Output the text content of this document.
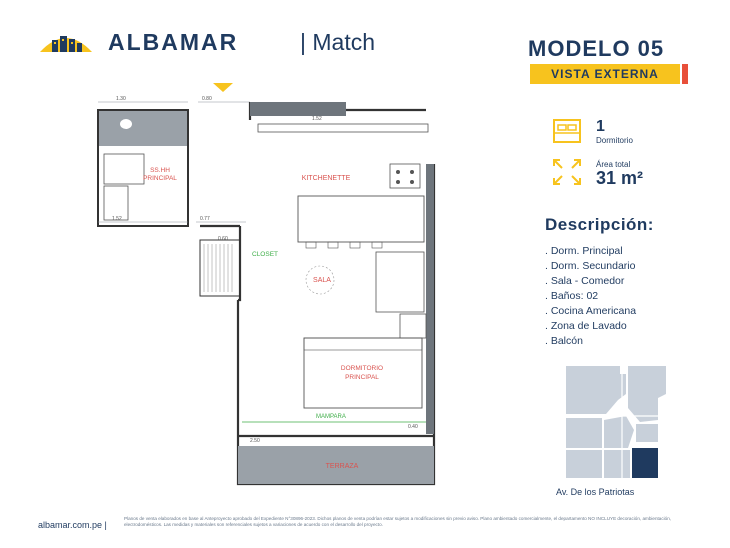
ALBAMAR	| Match	MODELO 05
VISTA EXTERNA
1
Dormitorio
Área total
31 m²
Descripción:
. Dorm. Principal
. Dorm. Secundario
. Sala - Comedor
. Baños: 02
. Cocina Americana
. Zona de Lavado
. Balcón
Av. De los Patriotas
SS.HH
PRINCIPAL
1.30	0.80
1.52	0.77
1.52
0.60
2.50
0.40
TERRAZA
KITCHENETTE
CLOSET
SALA
DORMITORIO
PRINCIPAL
MAMPARA
albamar.com.pe |
Planos de venta elaborados en base al Anteproyecto aprobado del Expediente N°30896-2023. Dichos planos de venta podrían estar sujetos a modificaciones sin previo aviso. Plano ambientado comercialmente, el departamento NO INCLUYE decoración, ambientación, electrodomésticos. Las medidas y materiales son referenciales sujetos a variaciones de acuerdo con el desarrollo del proyecto.
